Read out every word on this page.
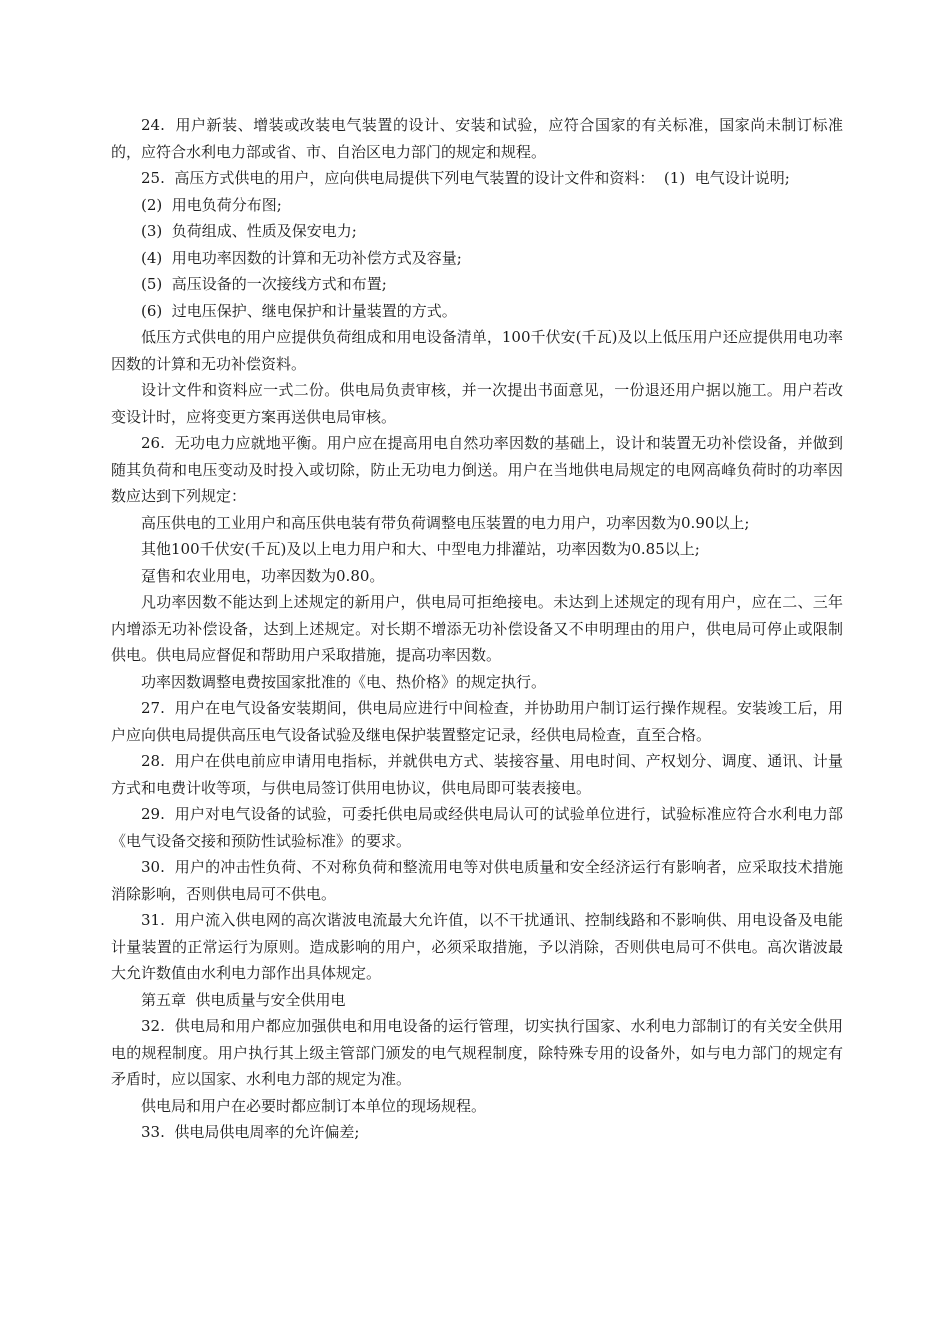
24.  用户新装、增装或改装电气装置的设计、安装和试验，应符合国家的有关标准，国家尚未制订标准的，应符合水利电力部或省、市、自治区电力部门的规定和规程。

25.  高压方式供电的用户，应向供电局提供下列电气装置的设计文件和资料：  (1)  电气设计说明;

(2)  用电负荷分布图;

(3)  负荷组成、性质及保安电力;

(4)  用电功率因数的计算和无功补偿方式及容量;

(5)  高压设备的一次接线方式和布置;

(6)  过电压保护、继电保护和计量装置的方式。

低压方式供电的用户应提供负荷组成和用电设备清单，100千伏安(千瓦)及以上低压用户还应提供用电功率因数的计算和无功补偿资料。

设计文件和资料应一式二份。供电局负责审核，并一次提出书面意见，一份退还用户据以施工。用户若改变设计时，应将变更方案再送供电局审核。

26.  无功电力应就地平衡。用户应在提高用电自然功率因数的基础上，设计和装置无功补偿设备，并做到随其负荷和电压变动及时投入或切除，防止无功电力倒送。用户在当地供电局规定的电网高峰负荷时的功率因数应达到下列规定：

高压供电的工业用户和高压供电装有带负荷调整电压装置的电力用户，功率因数为0.90以上;

其他100千伏安(千瓦)及以上电力用户和大、中型电力排灌站，功率因数为0.85以上;

趸售和农业用电，功率因数为0.80。

凡功率因数不能达到上述规定的新用户，供电局可拒绝接电。未达到上述规定的现有用户，应在二、三年内增添无功补偿设备，达到上述规定。对长期不增添无功补偿设备又不申明理由的用户，供电局可停止或限制供电。供电局应督促和帮助用户采取措施，提高功率因数。

功率因数调整电费按国家批准的《电、热价格》的规定执行。

27.  用户在电气设备安装期间，供电局应进行中间检查，并协助用户制订运行操作规程。安装竣工后，用户应向供电局提供高压电气设备试验及继电保护装置整定记录，经供电局检查，直至合格。

28.  用户在供电前应申请用电指标，并就供电方式、装接容量、用电时间、产权划分、调度、通讯、计量方式和电费计收等项，与供电局签订供用电协议，供电局即可装表接电。

29.  用户对电气设备的试验，可委托供电局或经供电局认可的试验单位进行，试验标准应符合水利电力部《电气设备交接和预防性试验标准》的要求。

30.  用户的冲击性负荷、不对称负荷和整流用电等对供电质量和安全经济运行有影响者，应采取技术措施消除影响，否则供电局可不供电。

31.  用户流入供电网的高次谐波电流最大允许值，以不干扰通讯、控制线路和不影响供、用电设备及电能计量装置的正常运行为原则。造成影响的用户，必须采取措施，予以消除，否则供电局可不供电。高次谐波最大允许数值由水利电力部作出具体规定。

第五章  供电质量与安全供用电

32.  供电局和用户都应加强供电和用电设备的运行管理，切实执行国家、水利电力部制订的有关安全供用电的规程制度。用户执行其上级主管部门颁发的电气规程制度，除特殊专用的设备外，如与电力部门的规定有矛盾时，应以国家、水利电力部的规定为准。

供电局和用户在必要时都应制订本单位的现场规程。

33.  供电局供电周率的允许偏差;
